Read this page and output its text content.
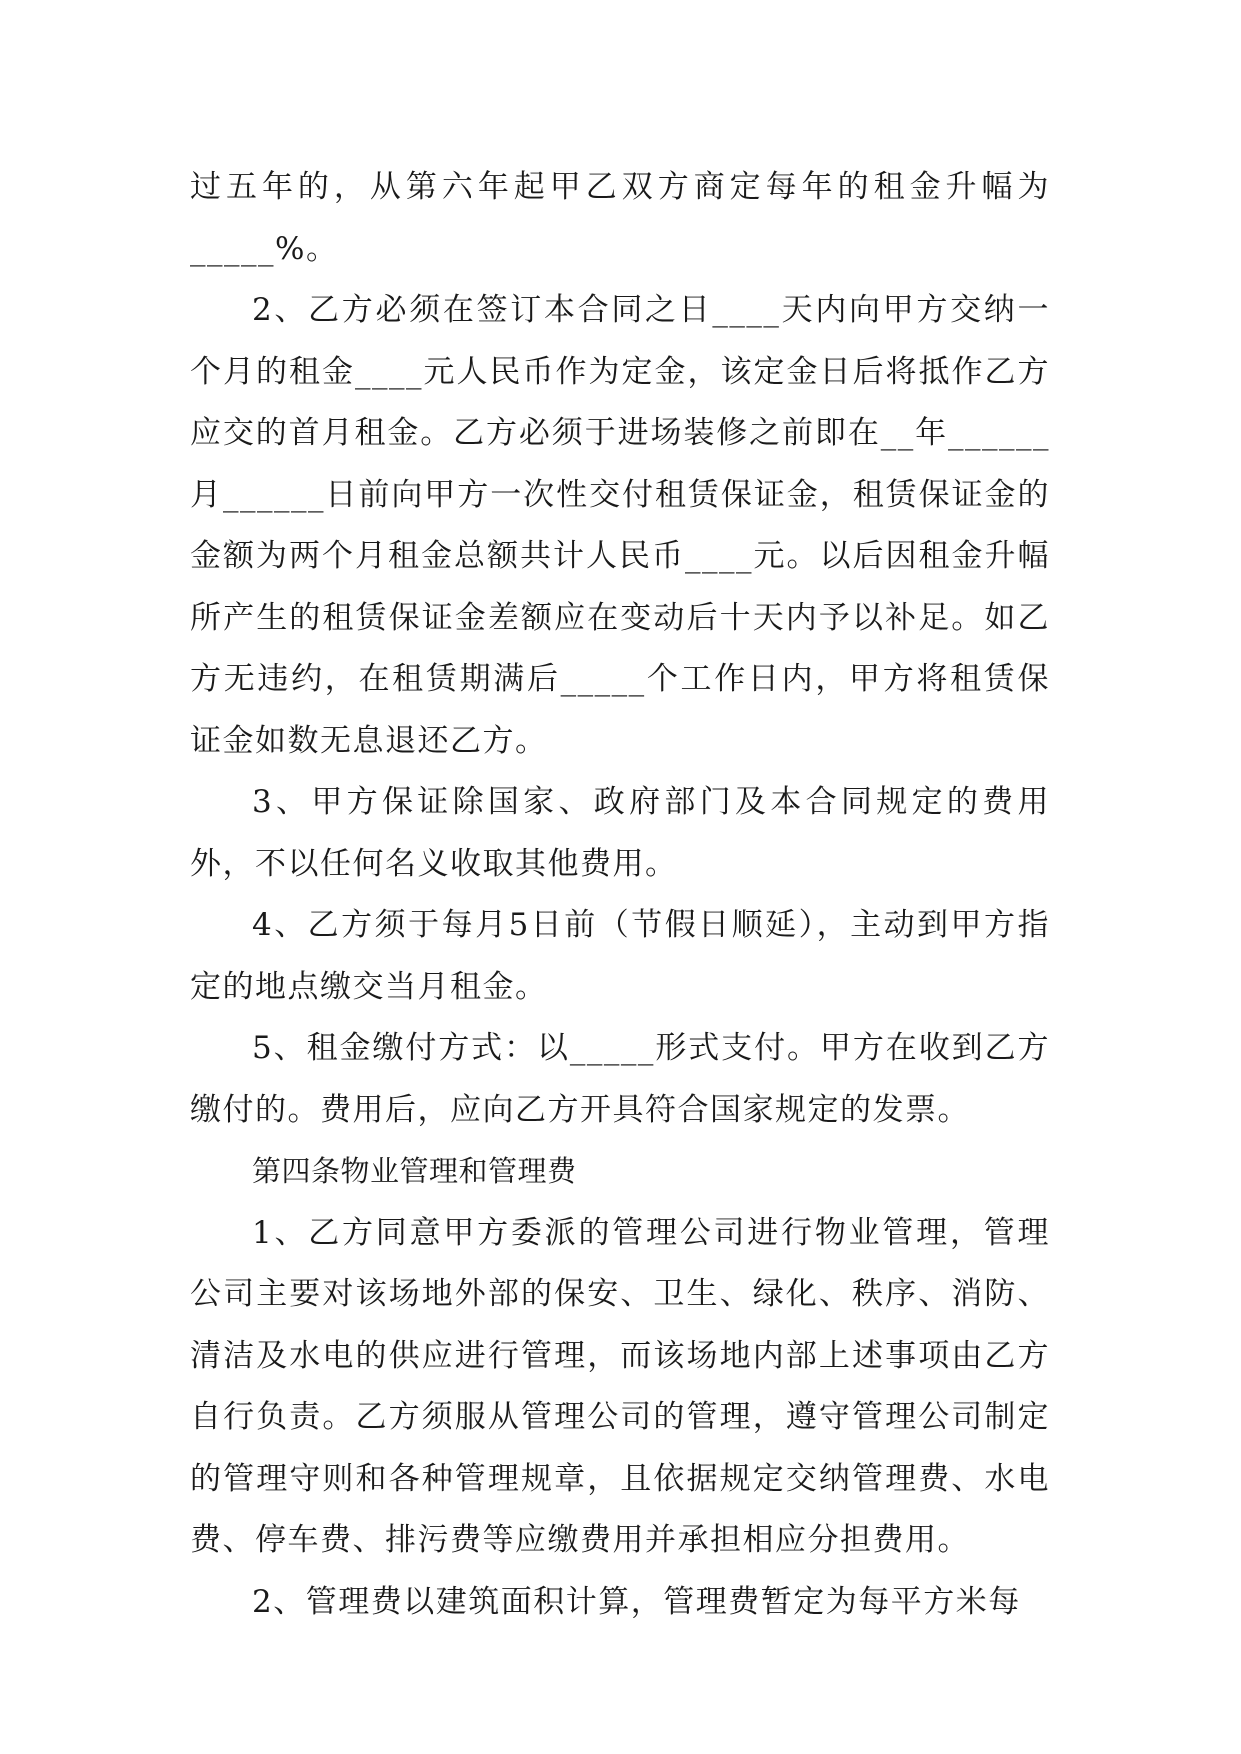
过五年的，从第六年起甲乙双方商定每年的租金升幅为_____%。

2、乙方必须在签订本合同之日____天内向甲方交纳一个月的租金____元人民币作为定金，该定金日后将抵作乙方应交的首月租金。乙方必须于进场装修之前即在__年______月______日前向甲方一次性交付租赁保证金，租赁保证金的金额为两个月租金总额共计人民币____元。以后因租金升幅所产生的租赁保证金差额应在变动后十天内予以补足。如乙方无违约，在租赁期满后_____个工作日内，甲方将租赁保证金如数无息退还乙方。

3、甲方保证除国家、政府部门及本合同规定的费用外，不以任何名义收取其他费用。

4、乙方须于每月5日前（节假日顺延），主动到甲方指定的地点缴交当月租金。

5、租金缴付方式：以_____形式支付。甲方在收到乙方缴付的。费用后，应向乙方开具符合国家规定的发票。

第四条物业管理和管理费

1、乙方同意甲方委派的管理公司进行物业管理，管理公司主要对该场地外部的保安、卫生、绿化、秩序、消防、清洁及水电的供应进行管理，而该场地内部上述事项由乙方自行负责。乙方须服从管理公司的管理，遵守管理公司制定的管理守则和各种管理规章，且依据规定交纳管理费、水电费、停车费、排污费等应缴费用并承担相应分担费用。

2、管理费以建筑面积计算，管理费暂定为每平方米每
